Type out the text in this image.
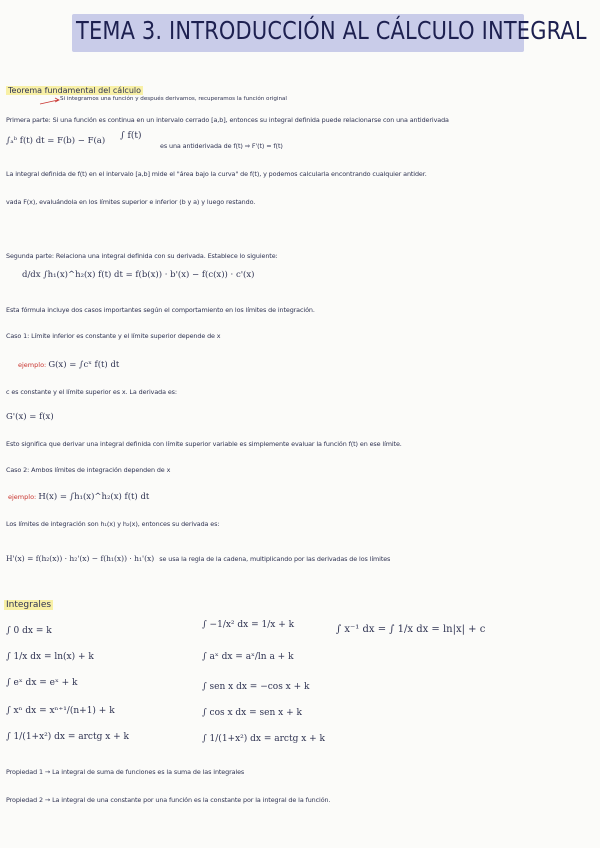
TEMA 3. INTRODUCCIÓN AL CÁLCULO INTEGRAL
Teorema fundamental del cálculo
Si integramos una función y después derivamos, recuperamos la función original
Primera parte: Si una función es continua en un intervalo cerrado [a,b], entonces su integral definida puede relacionarse con una antiderivada
∫ₐᵇ f(t) dt = F(b) − F(a) ∫ f(t)
es una antiderivada de f(t) ⇒ F'(t) = f(t)
La integral definida de f(t) en el intervalo [a,b] mide el "área bajo la curva" de f(t), y podemos calcularla encontrando cualquier antider.
vada F(x), evaluándola en los límites superior e inferior (b y a) y luego restando.
Segunda parte: Relaciona una integral definida con su derivada. Establece lo siguiente:
d/dx ∫h₁(x)^h₂(x) f(t) dt = f(b(x)) · b'(x) − f(c(x)) · c'(x)
Esta fórmula incluye dos casos importantes según el comportamiento en los límites de integración.
Caso 1: Límite inferior es constante y el límite superior depende de x
ejemplo: G(x) = ∫cˣ f(t) dt
c es constante y el límite superior es x. La derivada es:
G'(x) = f(x)
Esto significa que derivar una integral definida con límite superior variable es simplemente evaluar la función f(t) en ese límite.
Caso 2: Ambos límites de integración dependen de x
ejemplo: H(x) = ∫h₁(x)^h₂(x) f(t) dt
Los límites de integración son h₁(x) y h₂(x), entonces su derivada es:
H'(x) = f(h₂(x)) · h₂'(x) − f(h₁(x)) · h₁'(x) se usa la regla de la cadena, multiplicando por las derivadas de los límites
Integrales
∫ 0 dx = k
∫ 1/x dx = ln(x) + k
∫ eˣ dx = eˣ + k
∫ xⁿ dx = xⁿ⁺¹/(n+1) + k
∫ 1/(1+x²) dx = arctg x + k
∫ −1/x² dx = 1/x + k
∫ aˣ dx = aˣ/ln a + k
∫ sen x dx = −cos x + k
∫ cos x dx = sen x + k
∫ 1/(1+x²) dx = arctg x + k
∫ x⁻¹ dx = ∫ 1/x dx = ln|x| + c
Propiedad 1 → La integral de suma de funciones es la suma de las integrales
Propiedad 2 → La integral de una constante por una función es la constante por la integral de la función.
